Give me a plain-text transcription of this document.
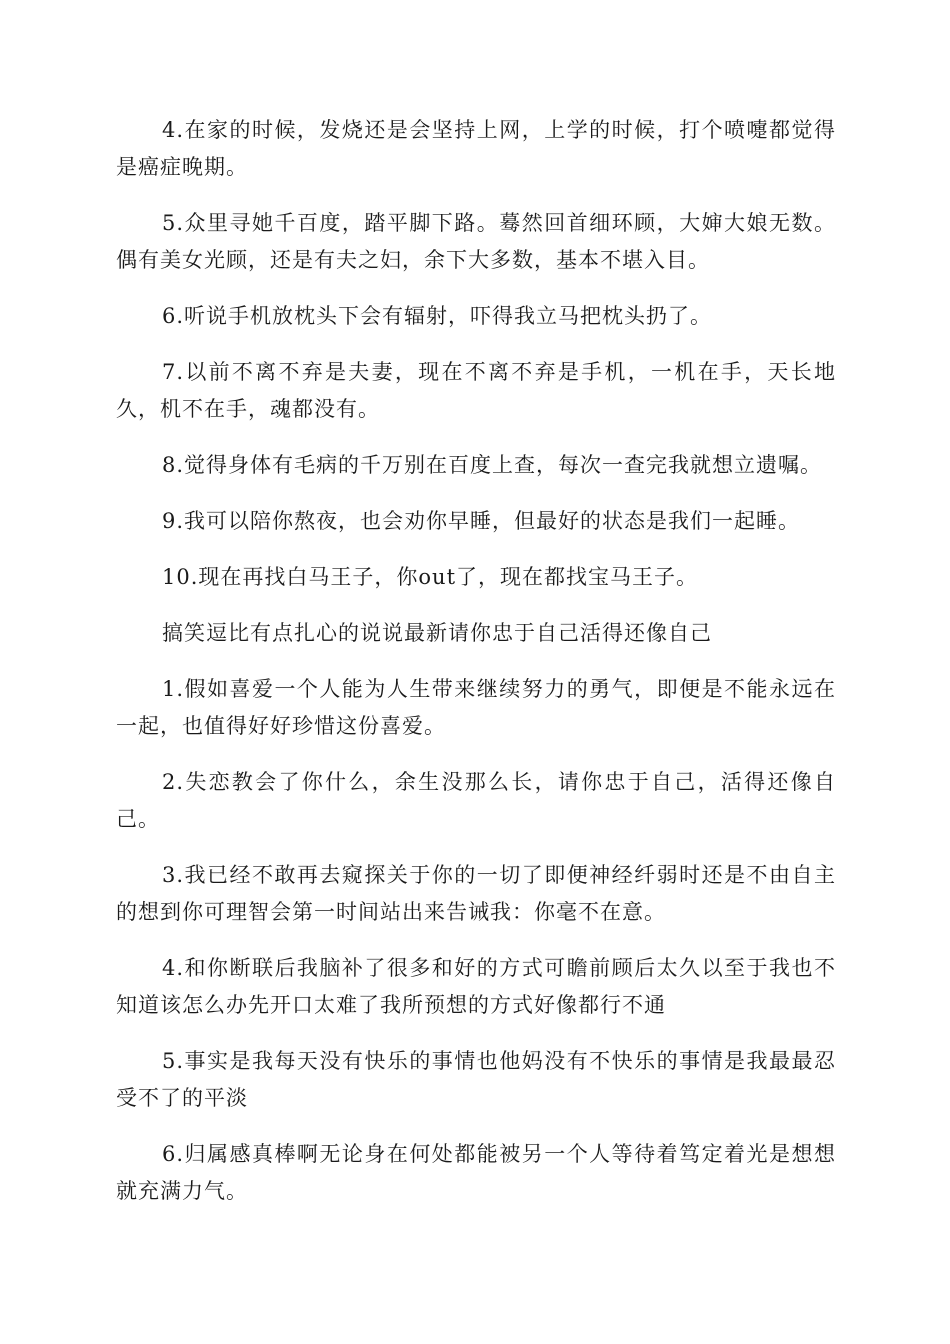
4.在家的时候，发烧还是会坚持上网，上学的时候，打个喷嚏都觉得是癌症晚期。

5.众里寻她千百度，踏平脚下路。蓦然回首细环顾，大婶大娘无数。偶有美女光顾，还是有夫之妇，余下大多数，基本不堪入目。

6.听说手机放枕头下会有辐射，吓得我立马把枕头扔了。

7.以前不离不弃是夫妻，现在不离不弃是手机，一机在手，天长地久，机不在手，魂都没有。

8.觉得身体有毛病的千万别在百度上查，每次一查完我就想立遗嘱。

9.我可以陪你熬夜，也会劝你早睡，但最好的状态是我们一起睡。

10.现在再找白马王子，你out了，现在都找宝马王子。

搞笑逗比有点扎心的说说最新请你忠于自己活得还像自己

1.假如喜爱一个人能为人生带来继续努力的勇气，即便是不能永远在一起，也值得好好珍惜这份喜爱。

2.失恋教会了你什么，余生没那么长，请你忠于自己，活得还像自己。

3.我已经不敢再去窥探关于你的一切了即便神经纤弱时还是不由自主的想到你可理智会第一时间站出来告诫我：你毫不在意。

4.和你断联后我脑补了很多和好的方式可瞻前顾后太久以至于我也不知道该怎么办先开口太难了我所预想的方式好像都行不通

5.事实是我每天没有快乐的事情也他妈没有不快乐的事情是我最最忍受不了的平淡

6.归属感真棒啊无论身在何处都能被另一个人等待着笃定着光是想想就充满力气。
